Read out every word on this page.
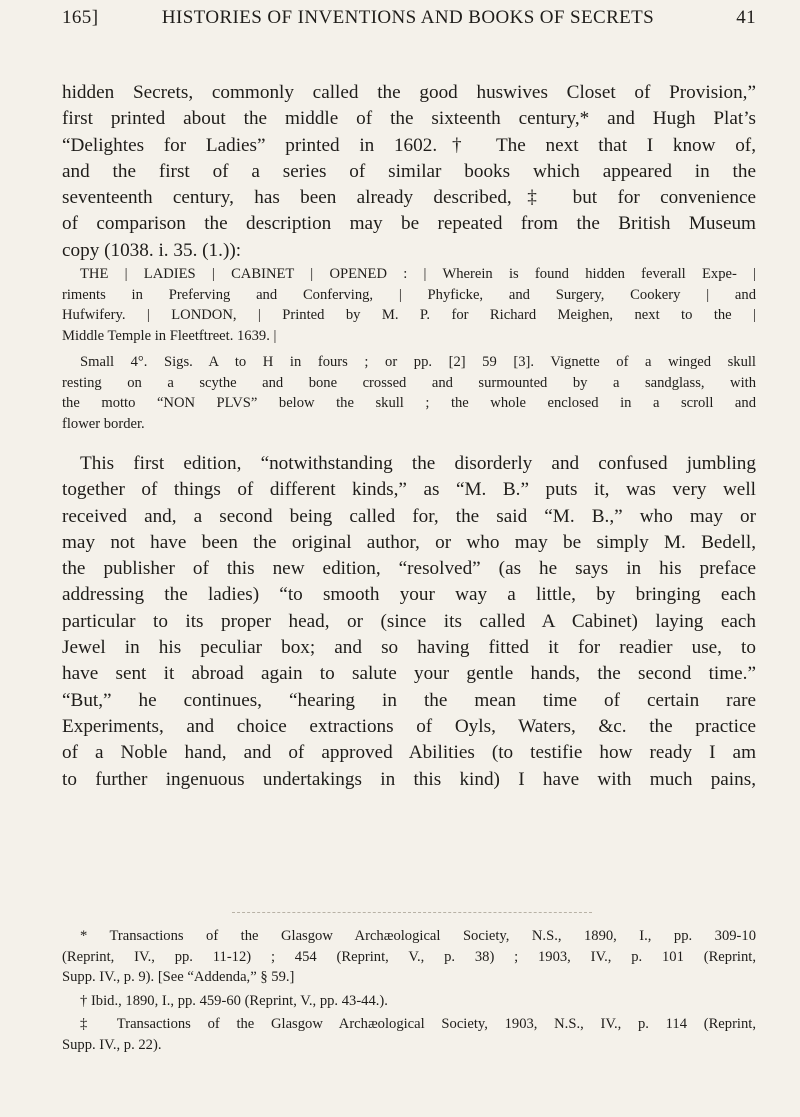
165]	HISTORIES OF INVENTIONS AND BOOKS OF SECRETS	41

hidden Secrets, commonly called the good huswives Closet of Provision,”
first printed about the middle of the sixteenth century,* and Hugh Plat’s
“Delightes for Ladies” printed in 1602.† The next that I know of,
and the first of a series of similar books which appeared in the
seventeenth century, has been already described,‡ but for convenience
of comparison the description may be repeated from the British Museum
copy (1038. i. 35. (1.)):

THE | LADIES | CABINET | OPENED : | Wherein is found hidden feverall Expe- |
riments in Preferving and Conferving, | Phyficke, and Surgery, Cookery | and
Hufwifery. | LONDON, | Printed by M. P. for Richard Meighen, next to the |
Middle Temple in Fleetftreet. 1639. |
Small 4°. Sigs. A to H in fours ; or pp. [2] 59 [3]. Vignette of a winged skull
resting on a scythe and bone crossed and surmounted by a sandglass, with
the motto “NON PLVS” below the skull ; the whole enclosed in a scroll and
flower border.

This first edition, “notwithstanding the disorderly and confused jumbling
together of things of different kinds,” as “M. B.” puts it, was very well
received and, a second being called for, the said “M. B.,” who may or
may not have been the original author, or who may be simply M. Bedell,
the publisher of this new edition, “resolved” (as he says in his preface
addressing the ladies) “to smooth your way a little, by bringing each
particular to its proper head, or (since its called A Cabinet) laying each
Jewel in his peculiar box; and so having fitted it for readier use, to
have sent it abroad again to salute your gentle hands, the second time.”
“But,” he continues, “hearing in the mean time of certain rare
Experiments, and choice extractions of Oyls, Waters, &c. the practice
of a Noble hand, and of approved Abilities (to testifie how ready I am
to further ingenuous undertakings in this kind) I have with much pains,

* Transactions of the Glasgow Archæological Society, N.S., 1890, I., pp. 309-10
(Reprint, IV., pp. 11-12) ; 454 (Reprint, V., p. 38) ; 1903, IV., p. 101 (Reprint,
Supp. IV., p. 9). [See “Addenda,” § 59.]
† Ibid., 1890, I., pp. 459-60 (Reprint, V., pp. 43-44.).
‡ Transactions of the Glasgow Archæological Society, 1903, N.S., IV., p. 114 (Reprint,
Supp. IV., p. 22).
